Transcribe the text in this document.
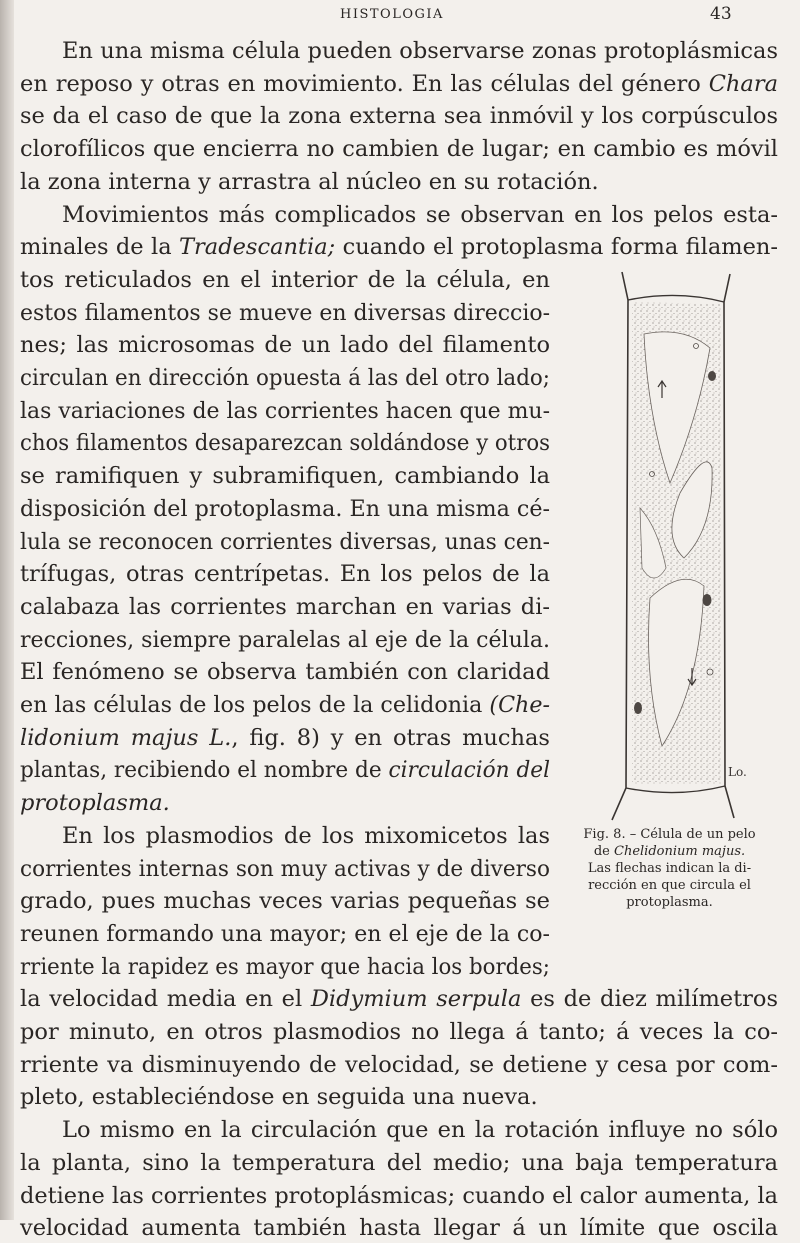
HISTOLOGIA	43
En una misma célula pueden observarse zonas protoplásmicas
en reposo y otras en movimiento. En las células del género Chara
se da el caso de que la zona externa sea inmóvil y los corpúsculos
clorofílicos que encierra no cambien de lugar; en cambio es móvil
la zona interna y arrastra al núcleo en su rotación.
Movimientos más complicados se observan en los pelos esta-
minales de la Tradescantia; cuando el protoplasma forma filamen-
tos reticulados en el interior de la célula, en
estos filamentos se mueve en diversas direccio-
nes; las microsomas de un lado del filamento
circulan en dirección opuesta á las del otro lado;
las variaciones de las corrientes hacen que mu-
chos filamentos desaparezcan soldándose y otros
se ramifiquen y subramifiquen, cambiando la
disposición del protoplasma. En una misma cé-
lula se reconocen corrientes diversas, unas cen-
trífugas, otras centrípetas. En los pelos de la
calabaza las corrientes marchan en varias di-
recciones, siempre paralelas al eje de la célula.
El fenómeno se observa también con claridad
en las células de los pelos de la celidonia (Che-
lidonium majus L., fig. 8) y en otras muchas
plantas, recibiendo el nombre de circulación del
protoplasma.
En los plasmodios de los mixomicetos las
corrientes internas son muy activas y de diverso
grado, pues muchas veces varias pequeñas se
reunen formando una mayor; en el eje de la co-
rriente la rapidez es mayor que hacia los bordes;
la velocidad media en el Didymium serpula es de diez milímetros
por minuto, en otros plasmodios no llega á tanto; á veces la co-
rriente va disminuyendo de velocidad, se detiene y cesa por com-
pleto, estableciéndose en seguida una nueva.
Lo mismo en la circulación que en la rotación influye no sólo
la planta, sino la temperatura del medio; una baja temperatura
detiene las corrientes protoplásmicas; cuando el calor aumenta, la
velocidad aumenta también hasta llegar á un límite que oscila
Lo.
Fig. 8. – Célula de un pelo
de Chelidonium majus.
Las flechas indican la di-
rección en que circula el
protoplasma.
